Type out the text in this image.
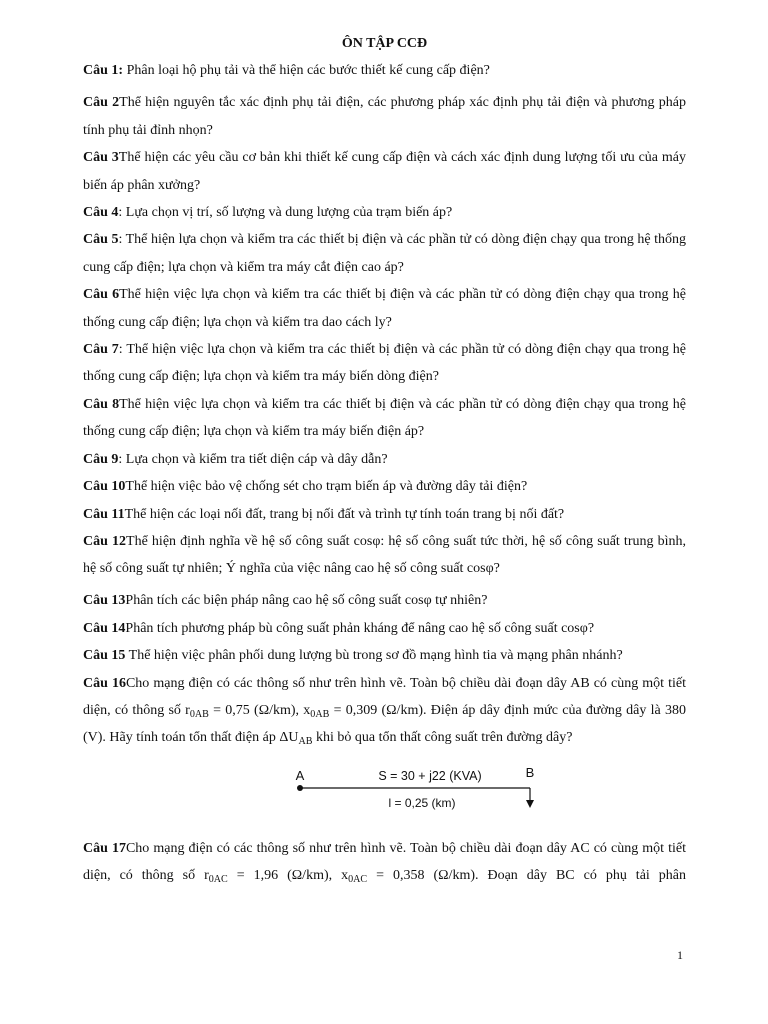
ÔN TẬP CCĐ

Câu 1: Phân loại hộ phụ tải và thể hiện các bước thiết kế cung cấp điện?

Câu 2Thể hiện nguyên tắc xác định phụ tải điện, các phương pháp xác định phụ tải điện và phương pháp tính phụ tải đỉnh nhọn?

Câu 3Thể hiện các yêu cầu cơ bản khi thiết kế cung cấp điện và cách xác định dung lượng tối ưu của máy biến áp phân xưởng?

Câu 4: Lựa chọn vị trí, số lượng và dung lượng của trạm biến áp?

Câu 5: Thể hiện lựa chọn và kiểm tra các thiết bị điện và các phần tử có dòng điện chạy qua trong hệ thống cung cấp điện; lựa chọn và kiểm tra máy cắt điện cao áp?

Câu 6Thể hiện việc lựa chọn và kiểm tra các thiết bị điện và các phần tử có dòng điện chạy qua trong hệ thống cung cấp điện; lựa chọn và kiểm tra dao cách ly?

Câu 7: Thể hiện việc lựa chọn và kiểm tra các thiết bị điện và các phần tử có dòng điện chạy qua trong hệ thống cung cấp điện; lựa chọn và kiểm tra máy biến dòng điện?

Câu 8Thể hiện việc lựa chọn và kiểm tra các thiết bị điện và các phần tử có dòng điện chạy qua trong hệ thống cung cấp điện; lựa chọn và kiểm tra máy biến điện áp?

Câu 9: Lựa chọn và kiểm tra tiết diện cáp và dây dẫn?

Câu 10Thể hiện việc bảo vệ chống sét cho trạm biến áp và đường dây tải điện?

Câu 11Thể hiện các loại nối đất, trang bị nối đất và trình tự tính toán trang bị nối đất?

Câu 12Thể hiện định nghĩa về hệ số công suất cosφ: hệ số công suất tức thời, hệ số công suất trung bình, hệ số công suất tự nhiên; Ý nghĩa của việc nâng cao hệ số công suất cosφ?

Câu 13Phân tích các biện pháp nâng cao hệ số công suất cosφ tự nhiên?

Câu 14Phân tích phương pháp bù công suất phản kháng để nâng cao hệ số công suất cosφ?

Câu 15 Thể hiện việc phân phối dung lượng bù trong sơ đồ mạng hình tia và mạng phân nhánh?

Câu 16Cho mạng điện có các thông số như trên hình vẽ. Toàn bộ chiều dài đoạn dây AB có cùng một tiết diện, có thông số $r_{0AB} = 0,75$ (Ω/km), $x_{0AB} = 0,309$ (Ω/km). Điện áp dây định mức của đường dây là 380 (V). Hãy tính toán tổn thất điện áp $\Delta U_{AB}$ khi bỏ qua tổn thất công suất trên đường dây?

A	B
S = 30 + j22 (KVA)
l = 0,25 (km)

Câu 17Cho mạng điện có các thông số như trên hình vẽ. Toàn bộ chiều dài đoạn dây AC có cùng một tiết diện, có thông số $r_{0AC} = 1,96$ (Ω/km), $x_{0AC} = 0,358$ (Ω/km). Đoạn dây BC có phụ tải phân

1
